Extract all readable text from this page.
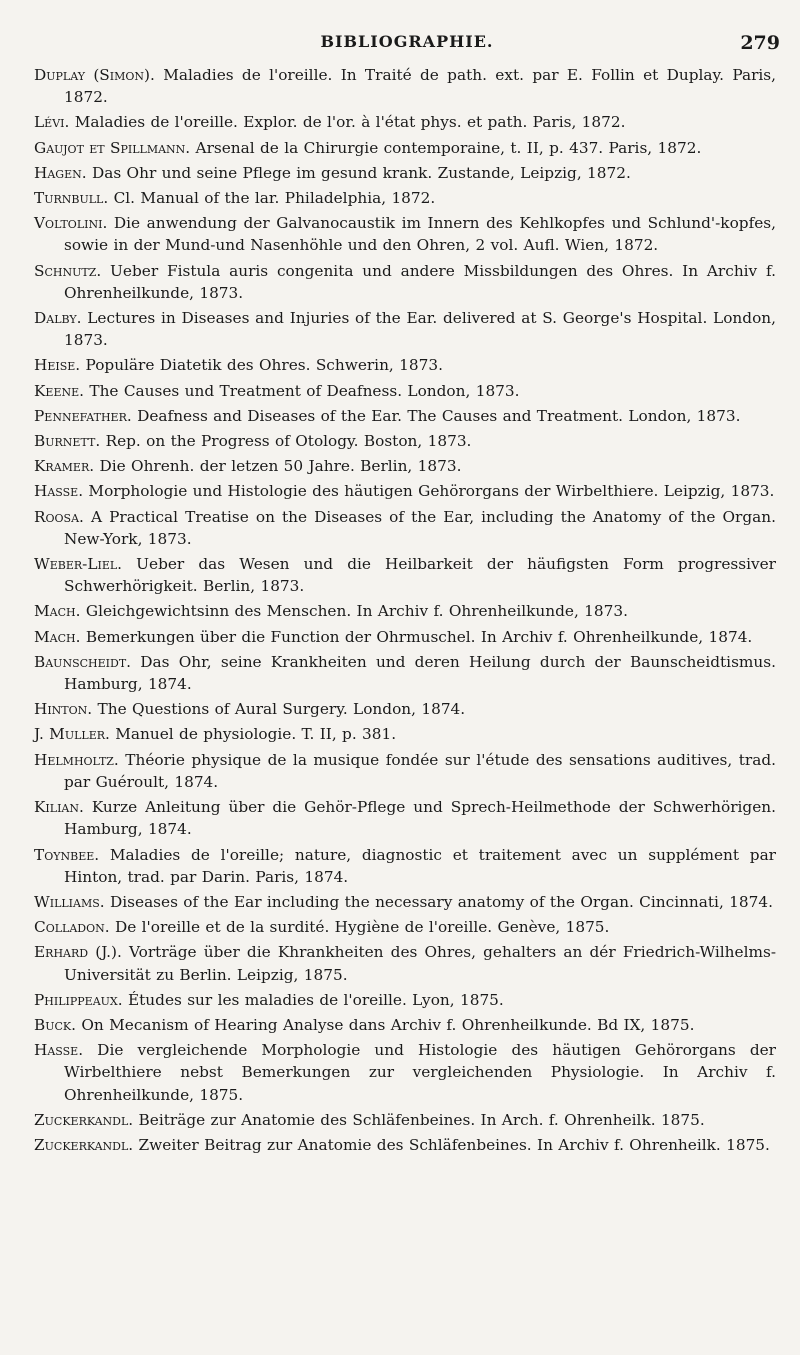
BIBLIOGRAPHIE.	279

Duplay (Simon). Maladies de l'oreille. In Traité de path. ext. par E. Follin et Duplay. Paris, 1872.

Lévi. Maladies de l'oreille. Explor. de l'or. à l'état phys. et path. Paris, 1872.

Gaujot et Spillmann. Arsenal de la Chirurgie contemporaine, t. II, p. 437. Paris, 1872.

Hagen. Das Ohr und seine Pflege im gesund krank. Zustande, Leipzig, 1872.

Turnbull. Cl. Manual of the lar. Philadelphia, 1872.

Voltolini. Die anwendung der Galvanocaustik im Innern des Kehlkopfes und Schlund'-kopfes, sowie in der Mund-und Nasenhöhle und den Ohren, 2 vol. Aufl. Wien, 1872.

Schnutz. Ueber Fistula auris congenita und andere Missbildungen des Ohres. In Archiv f. Ohrenheilkunde, 1873.

Dalby. Lectures in Diseases and Injuries of the Ear. delivered at S. George's Hospital. London, 1873.

Heise. Populäre Diatetik des Ohres. Schwerin, 1873.

Keene. The Causes und Treatment of Deafness. London, 1873.

Pennefather. Deafness and Diseases of the Ear. The Causes and Treatment. London, 1873.

Burnett. Rep. on the Progress of Otology. Boston, 1873.

Kramer. Die Ohrenh. der letzen 50 Jahre. Berlin, 1873.

Hasse. Morphologie und Histologie des häutigen Gehörorgans der Wirbelthiere. Leipzig, 1873.

Roosa. A Practical Treatise on the Diseases of the Ear, including the Anatomy of the Organ. New-York, 1873.

Weber-Liel. Ueber das Wesen und die Heilbarkeit der häufigsten Form progressiver Schwerhörigkeit. Berlin, 1873.

Mach. Gleichgewichtsinn des Menschen. In Archiv f. Ohrenheilkunde, 1873.

Mach. Bemerkungen über die Function der Ohrmuschel. In Archiv f. Ohrenheilkunde, 1874.

Baunscheidt. Das Ohr, seine Krankheiten und deren Heilung durch der Baunscheidtismus. Hamburg, 1874.

Hinton. The Questions of Aural Surgery. London, 1874.

J. Muller. Manuel de physiologie. T. II, p. 381.

Helmholtz. Théorie physique de la musique fondée sur l'étude des sensations auditives, trad. par Guéroult, 1874.

Kilian. Kurze Anleitung über die Gehör-Pflege und Sprech-Heilmethode der Schwerhörigen. Hamburg, 1874.

Toynbee. Maladies de l'oreille; nature, diagnostic et traitement avec un supplément par Hinton, trad. par Darin. Paris, 1874.

Williams. Diseases of the Ear including the necessary anatomy of the Organ. Cincinnati, 1874.

Colladon. De l'oreille et de la surdité. Hygiène de l'oreille. Genève, 1875.

Erhard (J.). Vorträge über die Khrankheiten des Ohres, gehalters an dér Friedrich-Wilhelms-Universität zu Berlin. Leipzig, 1875.

Philippeaux. Études sur les maladies de l'oreille. Lyon, 1875.

Buck. On Mecanism of Hearing Analyse dans Archiv f. Ohrenheilkunde. Bd IX, 1875.

Hasse. Die vergleichende Morphologie und Histologie des häutigen Gehörorgans der Wirbelthiere nebst Bemerkungen zur vergleichenden Physiologie. In Archiv f. Ohrenheilkunde, 1875.

Zuckerkandl. Beiträge zur Anatomie des Schläfenbeines. In Arch. f. Ohrenheilk. 1875.

Zuckerkandl. Zweiter Beitrag zur Anatomie des Schläfenbeines. In Archiv f. Ohrenheilk. 1875.
